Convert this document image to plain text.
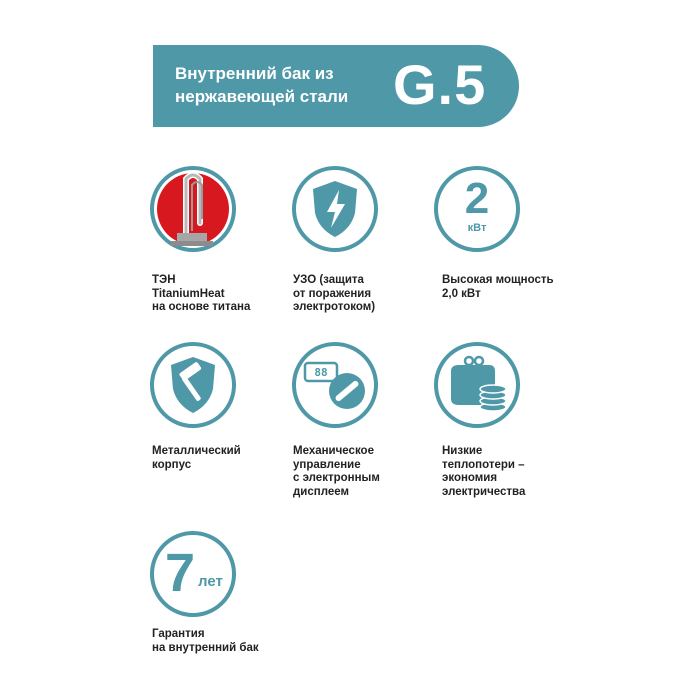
Внутренний бак из
нержавеющей стали G.5
ТЭН
TitaniumHeat
на основе титана
УЗО (защита
от поражения
электротоком)
2
кВт
Высокая мощность
2,0 кВт
Металлический
корпус
88
Механическое
управление
с электронным
дисплеем
Низкие
теплопотери –
экономия
электричества
7 лет
Гарантия
на внутренний бак
